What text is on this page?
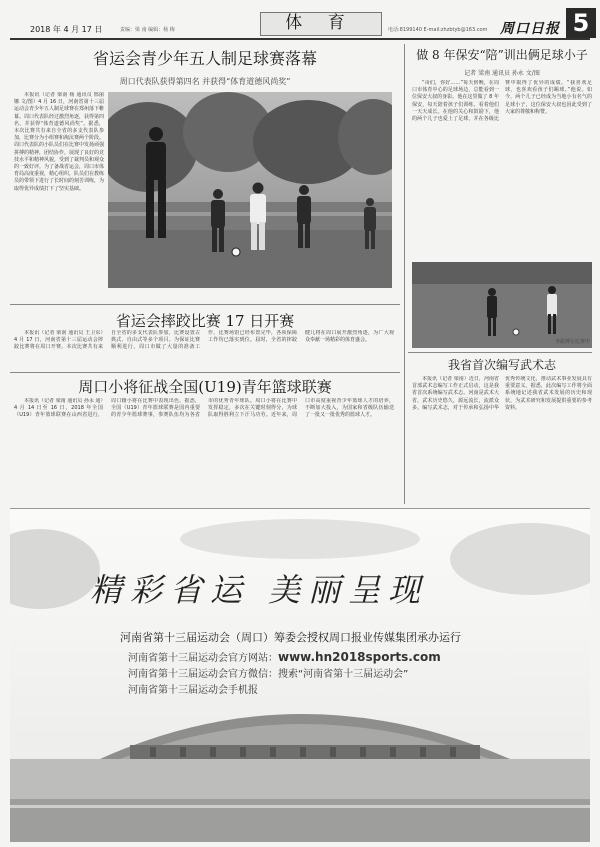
2018 年 4 月 17 日	责编：梁 南 编辑：杨 梅	体 育	电话:8199140 E-mail:zhzbtyb@163.com 周口日报 5
省运会青少年五人制足球赛落幕
周口代表队获得第四名 并获得“体育道德风尚奖”
本报讯（记者 梁南 杨 通讯员 邢丽娜 文/图）4 月 16 日，河南省第十三届运动会青少年五人制足球赛在郑州落下帷幕。周口代表队经过激烈角逐，获得第四名，并获得“体育道德风尚奖”。据悉，本次比赛共有来自全省的多支代表队参加，比赛分为小组赛和淘汰赛两个阶段。周口代表队的小队员们在比赛中发扬顽强拼搏的精神，团结协作，展现了良好的竞技水平和精神风貌，受到了裁判员和观众的一致好评。为了备战省运会，周口市体育局高度重视，精心组织，队员们在教练员的带领下进行了长时间的刻苦训练，为取得优异成绩打下了坚实基础。
省运会摔跤比赛 17 日开赛
本报讯（记者 梁南 通讯员 王卫东）4 月 17 日，河南省第十三届运动会摔跤比赛将在周口开赛。本次比赛共有来自全省的多支代表队参加，比赛设置古典式、自由式等多个项目。为保证比赛顺利进行，周口市做了大量的准备工作，比赛场馆已经布置完毕，各项保障工作均已落实到位。届时，全省的摔跤健儿将在周口展开激烈角逐，为广大观众奉献一场精彩的体育盛会。
周口小将征战全国(U19)青年篮球联赛
本报讯（记者 梁南 通讯员 孙永 通）4 月 14 日至 16 日，2018 年全国（U19）青年篮球联赛在山西省进行，周口籍小将在比赛中表现出色。据悉，全国（U19）青年篮球联赛是国内重要的青少年篮球赛事，参赛队伍均为各省市的优秀青年球队。周口小将在比赛中发挥稳定，多次在关键时刻得分，为球队取得胜利立下汗马功劳。近年来，周口市高度重视青少年篮球人才的培养，不断加大投入，为国家和省级队伍输送了一批又一批优秀的篮球人才。
做 8 年保安“陪”训出俩足球小子
记者 梁南 通讯员 孙永 文/图
“哥们，你好……”每天傍晚，在周口市体育中心的足球场边，总能看到一位保安大叔的身影。他在这里做了 8 年保安，每天陪着孩子们训练，看着他们一天天成长。在他的关心和鼓励下，他的两个儿子也爱上了足球，并在各级比赛中取得了优异的成绩。“我喜欢足球，也喜欢看孩子们踢球。”他说。如今，两个儿子已经成为当地小有名气的足球小子，这位保安大叔也因此受到了大家的尊敬和称赞。
李振博在比赛中
我省首次编写武术志
本报讯（记者 梁南）近日，河南省首部武术志编写工作正式启动，这是我省首次系统编写武术志。河南是武术大省，武术历史悠久，源远流长，流派众多。编写武术志，对于传承和弘扬中华优秀传统文化，推动武术事业发展具有重要意义。据悉，此次编写工作将全面系统地记述我省武术发展的历史和现状，为武术研究和发展提供重要的参考资料。
精彩省运 美丽呈现
河南省第十三届运动会（周口）筹委会授权周口报业传媒集团承办运行
河南省第十三届运动会官方网站：www.hn2018sports.com
河南省第十三届运动会官方微信：搜索“河南省第十三届运动会”
河南省第十三届运动会手机报
